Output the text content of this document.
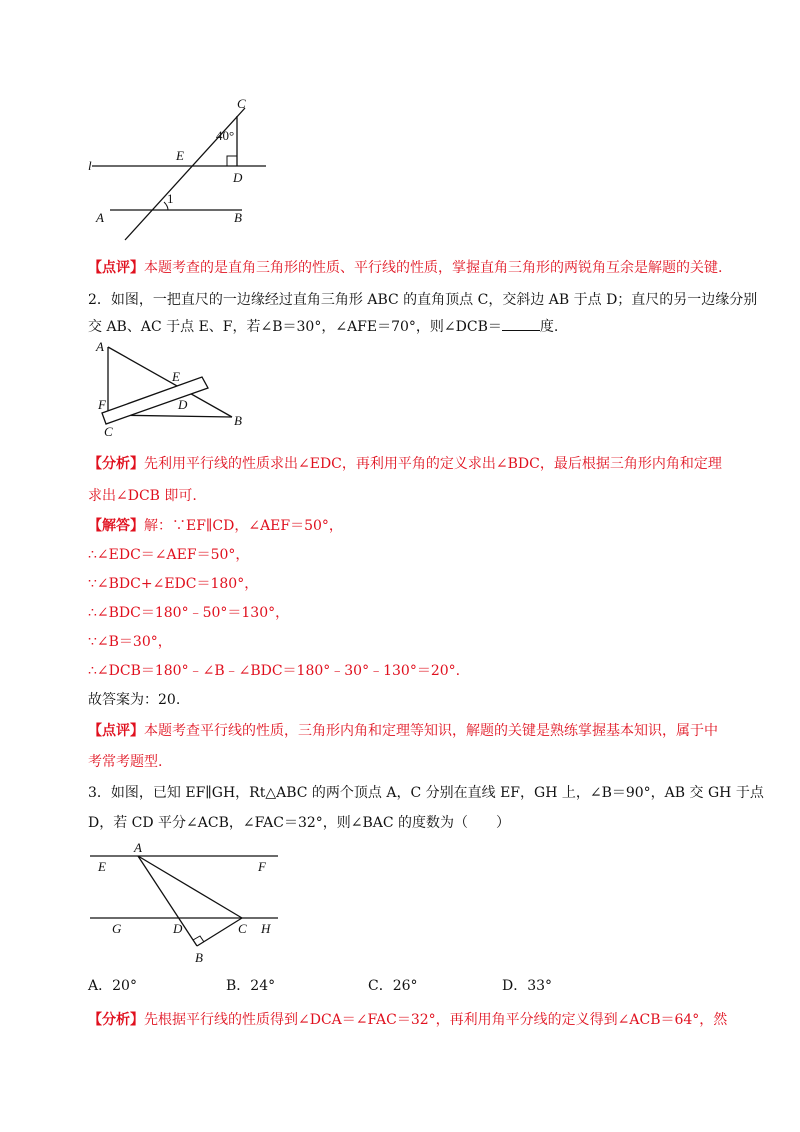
C
40°
E
l
D
1
A	B
【点评】本题考查的是直角三角形的性质、平行线的性质，掌握直角三角形的两锐角互余是解题的关键.
2．如图，一把直尺的一边缘经过直角三角形 ABC 的直角顶点 C，交斜边 AB 于点 D；直尺的另一边缘分别
交 AB、AC 于点 E、F，若∠B＝30°，∠AFE＝70°，则∠DCB＝	度.
A
E
F	D
C
B
【分析】先利用平行线的性质求出∠EDC，再利用平角的定义求出∠BDC，最后根据三角形内角和定理
求出∠DCB 即可.
【解答】解：∵EF∥CD，∠AEF＝50°，
∴∠EDC＝∠AEF＝50°，
∵∠BDC+∠EDC＝180°，
∴∠BDC＝180°﹣50°＝130°，
∵∠B＝30°，
∴∠DCB＝180°﹣∠B﹣∠BDC＝180°﹣30°﹣130°＝20°.
故答案为：20.
【点评】本题考查平行线的性质，三角形内角和定理等知识，解题的关键是熟练掌握基本知识，属于中
考常考题型.
3．如图，已知 EF∥GH，Rt△ABC 的两个顶点 A，C 分别在直线 EF，GH 上，∠B＝90°，AB 交 GH 于点
D，若 CD 平分∠ACB，∠FAC＝32°，则∠BAC 的度数为（　　）
A
E	F
G	D	C H
B
A．20°	B．24°	C．26°	D．33°
【分析】先根据平行线的性质得到∠DCA＝∠FAC＝32°，再利用角平分线的定义得到∠ACB＝64°，然
